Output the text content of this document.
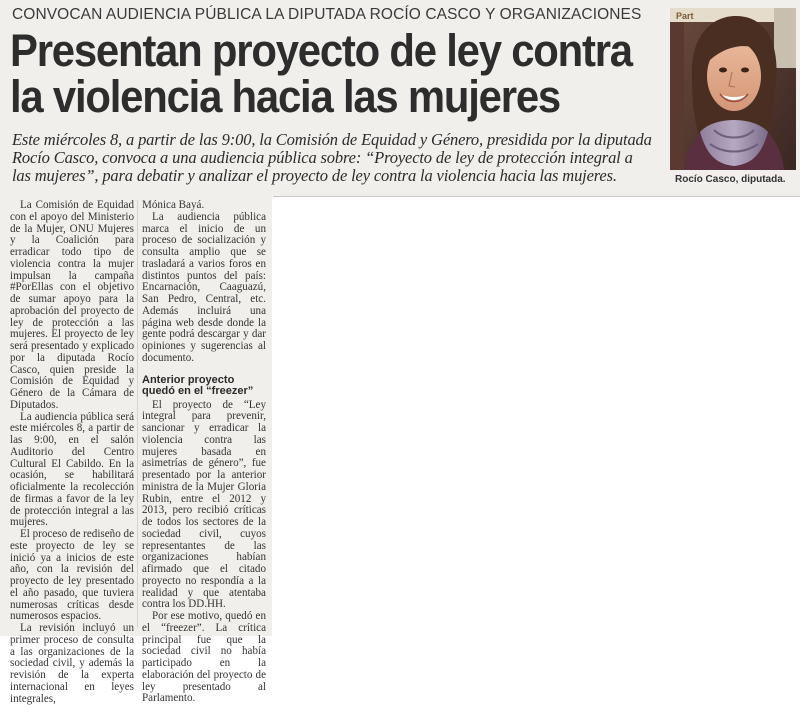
CONVOCAN AUDIENCIA PÚBLICA LA DIPUTADA ROCÍO CASCO Y ORGANIZACIONES
Presentan proyecto de ley contra
la violencia hacia las mujeres
Este miércoles 8, a partir de las 9:00, la Comisión de Equidad y Género, presidida por la diputada
Rocío Casco, convoca a una audiencia pública sobre: “Proyecto de ley de protección integral a
las mujeres”, para debatir y analizar el proyecto de ley contra la violencia hacia las mujeres.
Part
Rocío Casco, diputada.

La Comisión de Equidad con el apoyo del Ministerio de la Mujer, ONU Mujeres y la Coalición para erradicar todo tipo de violencia contra la mujer impulsan la campaña #PorEllas con el objetivo de sumar apoyo para la aprobación del proyecto de ley de protección a las mujeres. El proyecto de ley será presentado y explicado por la diputada Rocío Casco, quien preside la Comisión de Equidad y Género de la Cámara de Diputados.

La audiencia pública será este miércoles 8, a partir de las 9:00, en el salón Auditorio del Centro Cultural El Cabildo. En la ocasión, se habilitará oficialmente la recolección de firmas a favor de la ley de protección integral a las mujeres.

El proceso de rediseño de este proyecto de ley se inició ya a inicios de este año, con la revisión del proyecto de ley presentado el año pasado, que tuviera numerosas críticas desde numerosos espacios.

La revisión incluyó un primer proceso de consulta a las organizaciones de la sociedad civil, y además la revisión de la experta internacional en leyes integrales,

Mónica Bayá.

La audiencia pública marca el inicio de un proceso de socialización y consulta amplio que se trasladará a varios foros en distintos puntos del país: Encarnación, Caaguazú, San Pedro, Central, etc. Además incluirá una página web desde donde la gente podrá descargar y dar opiniones y sugerencias al documento.

Anterior proyecto quedó en el “freezer”

El proyecto de “Ley integral para prevenir, sancionar y erradicar la violencia contra las mujeres basada en asimetrías de género”, fue presentado por la anterior ministra de la Mujer Gloria Rubin, entre el 2012 y 2013, pero recibió críticas de todos los sectores de la sociedad civil, cuyos representantes de las organizaciones habían afirmado que el citado proyecto no respondía a la realidad y que atentaba contra los DD.HH.

Por ese motivo, quedó en el “freezer”. La crítica principal fue que la sociedad civil no había participado en la elaboración del proyecto de ley presentado al Parlamento.
